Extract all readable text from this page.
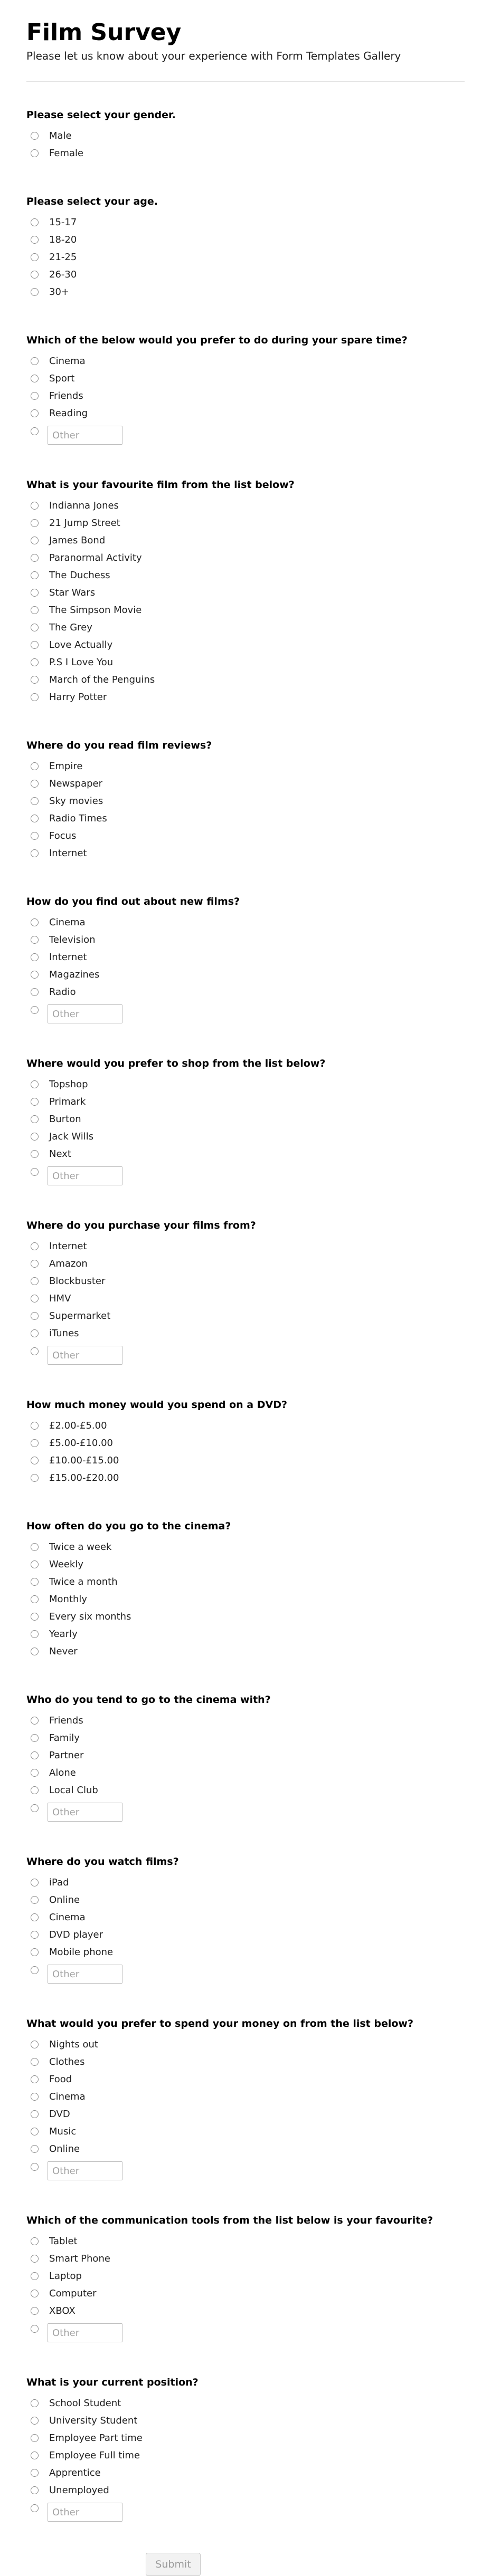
Film Survey

Please let us know about your experience with Form Templates Gallery

Please select your gender.
Male
Female
Please select your age.
15-17
18-20
21-25
26-30
30+
Which of the below would you prefer to do during your spare time?
Cinema
Sport
Friends
Reading
Other
What is your favourite film from the list below?
Indianna Jones
21 Jump Street
James Bond
Paranormal Activity
The Duchess
Star Wars
The Simpson Movie
The Grey
Love Actually
P.S I Love You
March of the Penguins
Harry Potter
Where do you read film reviews?
Empire
Newspaper
Sky movies
Radio Times
Focus
Internet
How do you find out about new films?
Cinema
Television
Internet
Magazines
Radio
Other
Where would you prefer to shop from the list below?
Topshop
Primark
Burton
Jack Wills
Next
Other
Where do you purchase your films from?
Internet
Amazon
Blockbuster
HMV
Supermarket
iTunes
Other
How much money would you spend on a DVD?
£2.00-£5.00
£5.00-£10.00
£10.00-£15.00
£15.00-£20.00
How often do you go to the cinema?
Twice a week
Weekly
Twice a month
Monthly
Every six months
Yearly
Never
Who do you tend to go to the cinema with?
Friends
Family
Partner
Alone
Local Club
Other
Where do you watch films?
iPad
Online
Cinema
DVD player
Mobile phone
Other
What would you prefer to spend your money on from the list below?
Nights out
Clothes
Food
Cinema
DVD
Music
Online
Other
Which of the communication tools from the list below is your favourite?
Tablet
Smart Phone
Laptop
Computer
XBOX
Other
What is your current position?
School Student
University Student
Employee Part time
Employee Full time
Apprentice
Unemployed
Other
Submit
